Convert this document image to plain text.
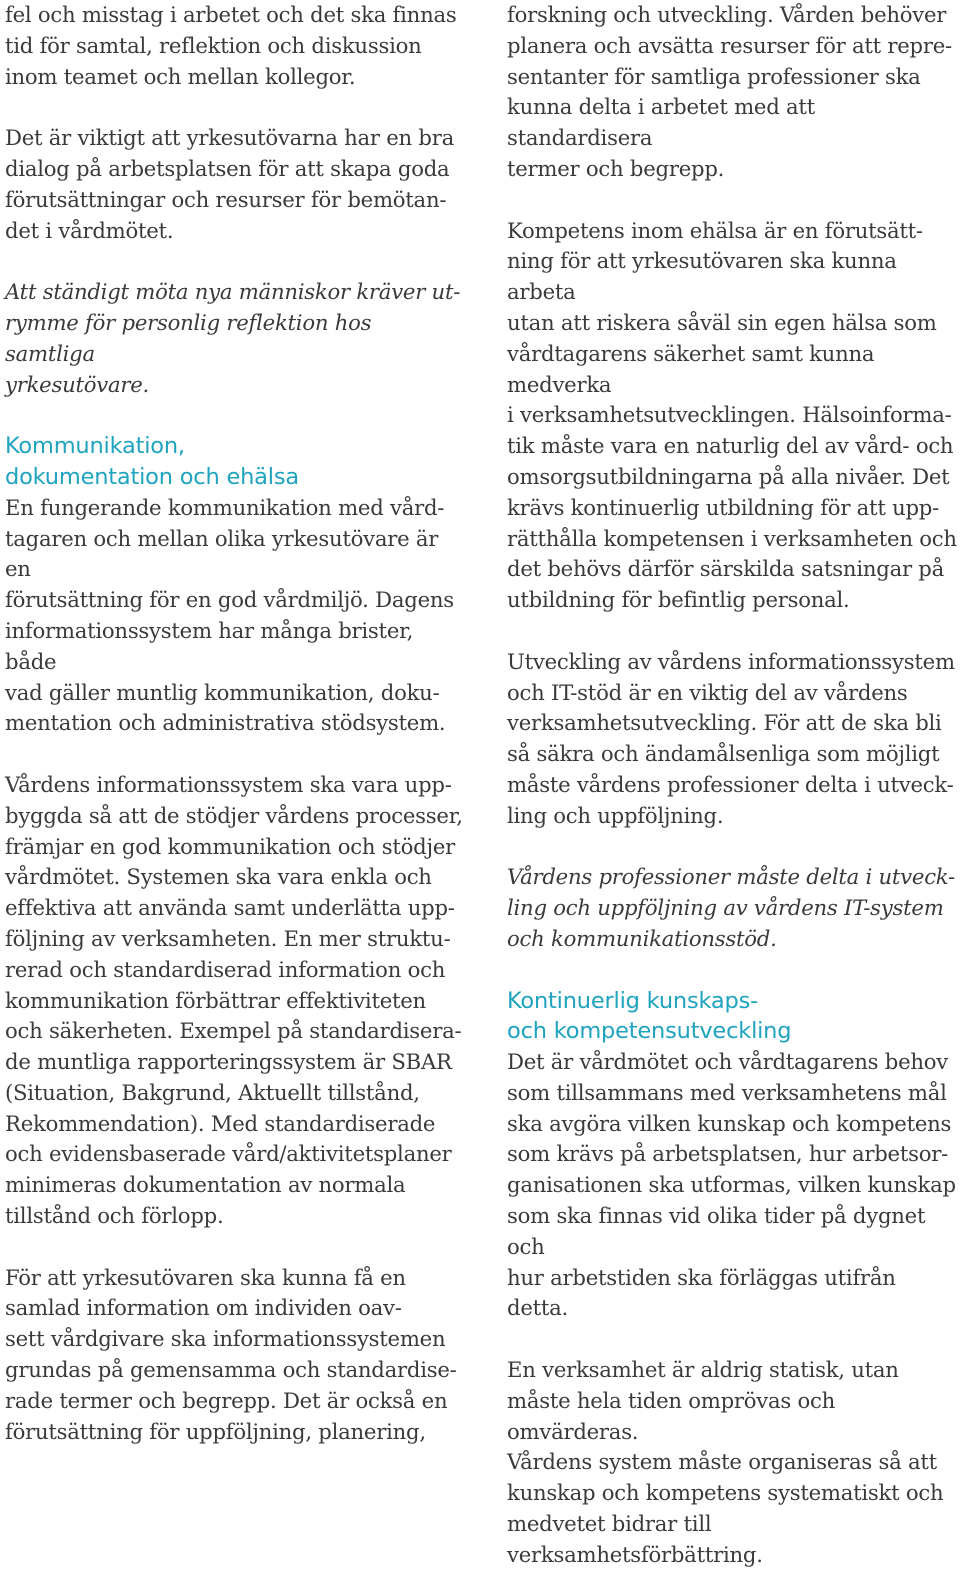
fel och misstag i arbetet och det ska finnas
tid för samtal, reflektion och diskussion
inom teamet och mellan kollegor.

Det är viktigt att yrkesutövarna har en bra
dialog på arbetsplatsen för att skapa goda
förutsättningar och resurser för bemötan-
det i vårdmötet.

Att ständigt möta nya människor kräver ut-
rymme för personlig reflektion hos samtliga
yrkesutövare.

Kommunikation,
dokumentation och ehälsa

En fungerande kommunikation med vård-
tagaren och mellan olika yrkesutövare är en
förutsättning för en god vårdmiljö. Dagens
informationssystem har många brister, både
vad gäller muntlig kommunikation, doku-
mentation och administrativa stödsystem.

Vårdens informationssystem ska vara upp-
byggda så att de stödjer vårdens processer,
främjar en god kommunikation och stödjer
vårdmötet. Systemen ska vara enkla och
effektiva att använda samt underlätta upp-
följning av verksamheten. En mer struktu-
rerad och standardiserad information och
kommunikation förbättrar effektiviteten
och säkerheten. Exempel på standardisera-
de muntliga rapporteringssystem är SBAR
(Situation, Bakgrund, Aktuellt tillstånd,
Rekommendation). Med standardiserade
och evidensbaserade vård/aktivitetsplaner
minimeras dokumentation av normala
tillstånd och förlopp.

För att yrkesutövaren ska kunna få en
samlad information om individen oav-
sett vårdgivare ska informationssystemen
grundas på gemensamma och standardise-
rade termer och begrepp. Det är också en
förutsättning för uppföljning, planering,

forskning och utveckling. Vården behöver
planera och avsätta resurser för att repre-
sentanter för samtliga professioner ska
kunna delta i arbetet med att standardisera
termer och begrepp.

Kompetens inom ehälsa är en förutsätt-
ning för att yrkesutövaren ska kunna arbeta
utan att riskera såväl sin egen hälsa som
vårdtagarens säkerhet samt kunna medverka
i verksamhetsutvecklingen. Hälsoinforma-
tik måste vara en naturlig del av vård- och
omsorgsutbildningarna på alla nivåer. Det
krävs kontinuerlig utbildning för att upp-
rätthålla kompetensen i verksamheten och
det behövs därför särskilda satsningar på
utbildning för befintlig personal.

Utveckling av vårdens informationssystem
och IT-stöd är en viktig del av vårdens
verksamhetsutveckling. För att de ska bli
så säkra och ändamålsenliga som möjligt
måste vårdens professioner delta i utveck-
ling och uppföljning.

Vårdens professioner måste delta i utveck-
ling och uppföljning av vårdens IT-system
och kommunikationsstöd.

Kontinuerlig kunskaps-
och kompetensutveckling

Det är vårdmötet och vårdtagarens behov
som tillsammans med verksamhetens mål
ska avgöra vilken kunskap och kompetens
som krävs på arbetsplatsen, hur arbetsor-
ganisationen ska utformas, vilken kunskap
som ska finnas vid olika tider på dygnet och
hur arbetstiden ska förläggas utifrån detta.

En verksamhet är aldrig statisk, utan
måste hela tiden omprövas och omvärderas.
Vårdens system måste organiseras så att
kunskap och kompetens systematiskt och
medvetet bidrar till verksamhetsförbättring.
